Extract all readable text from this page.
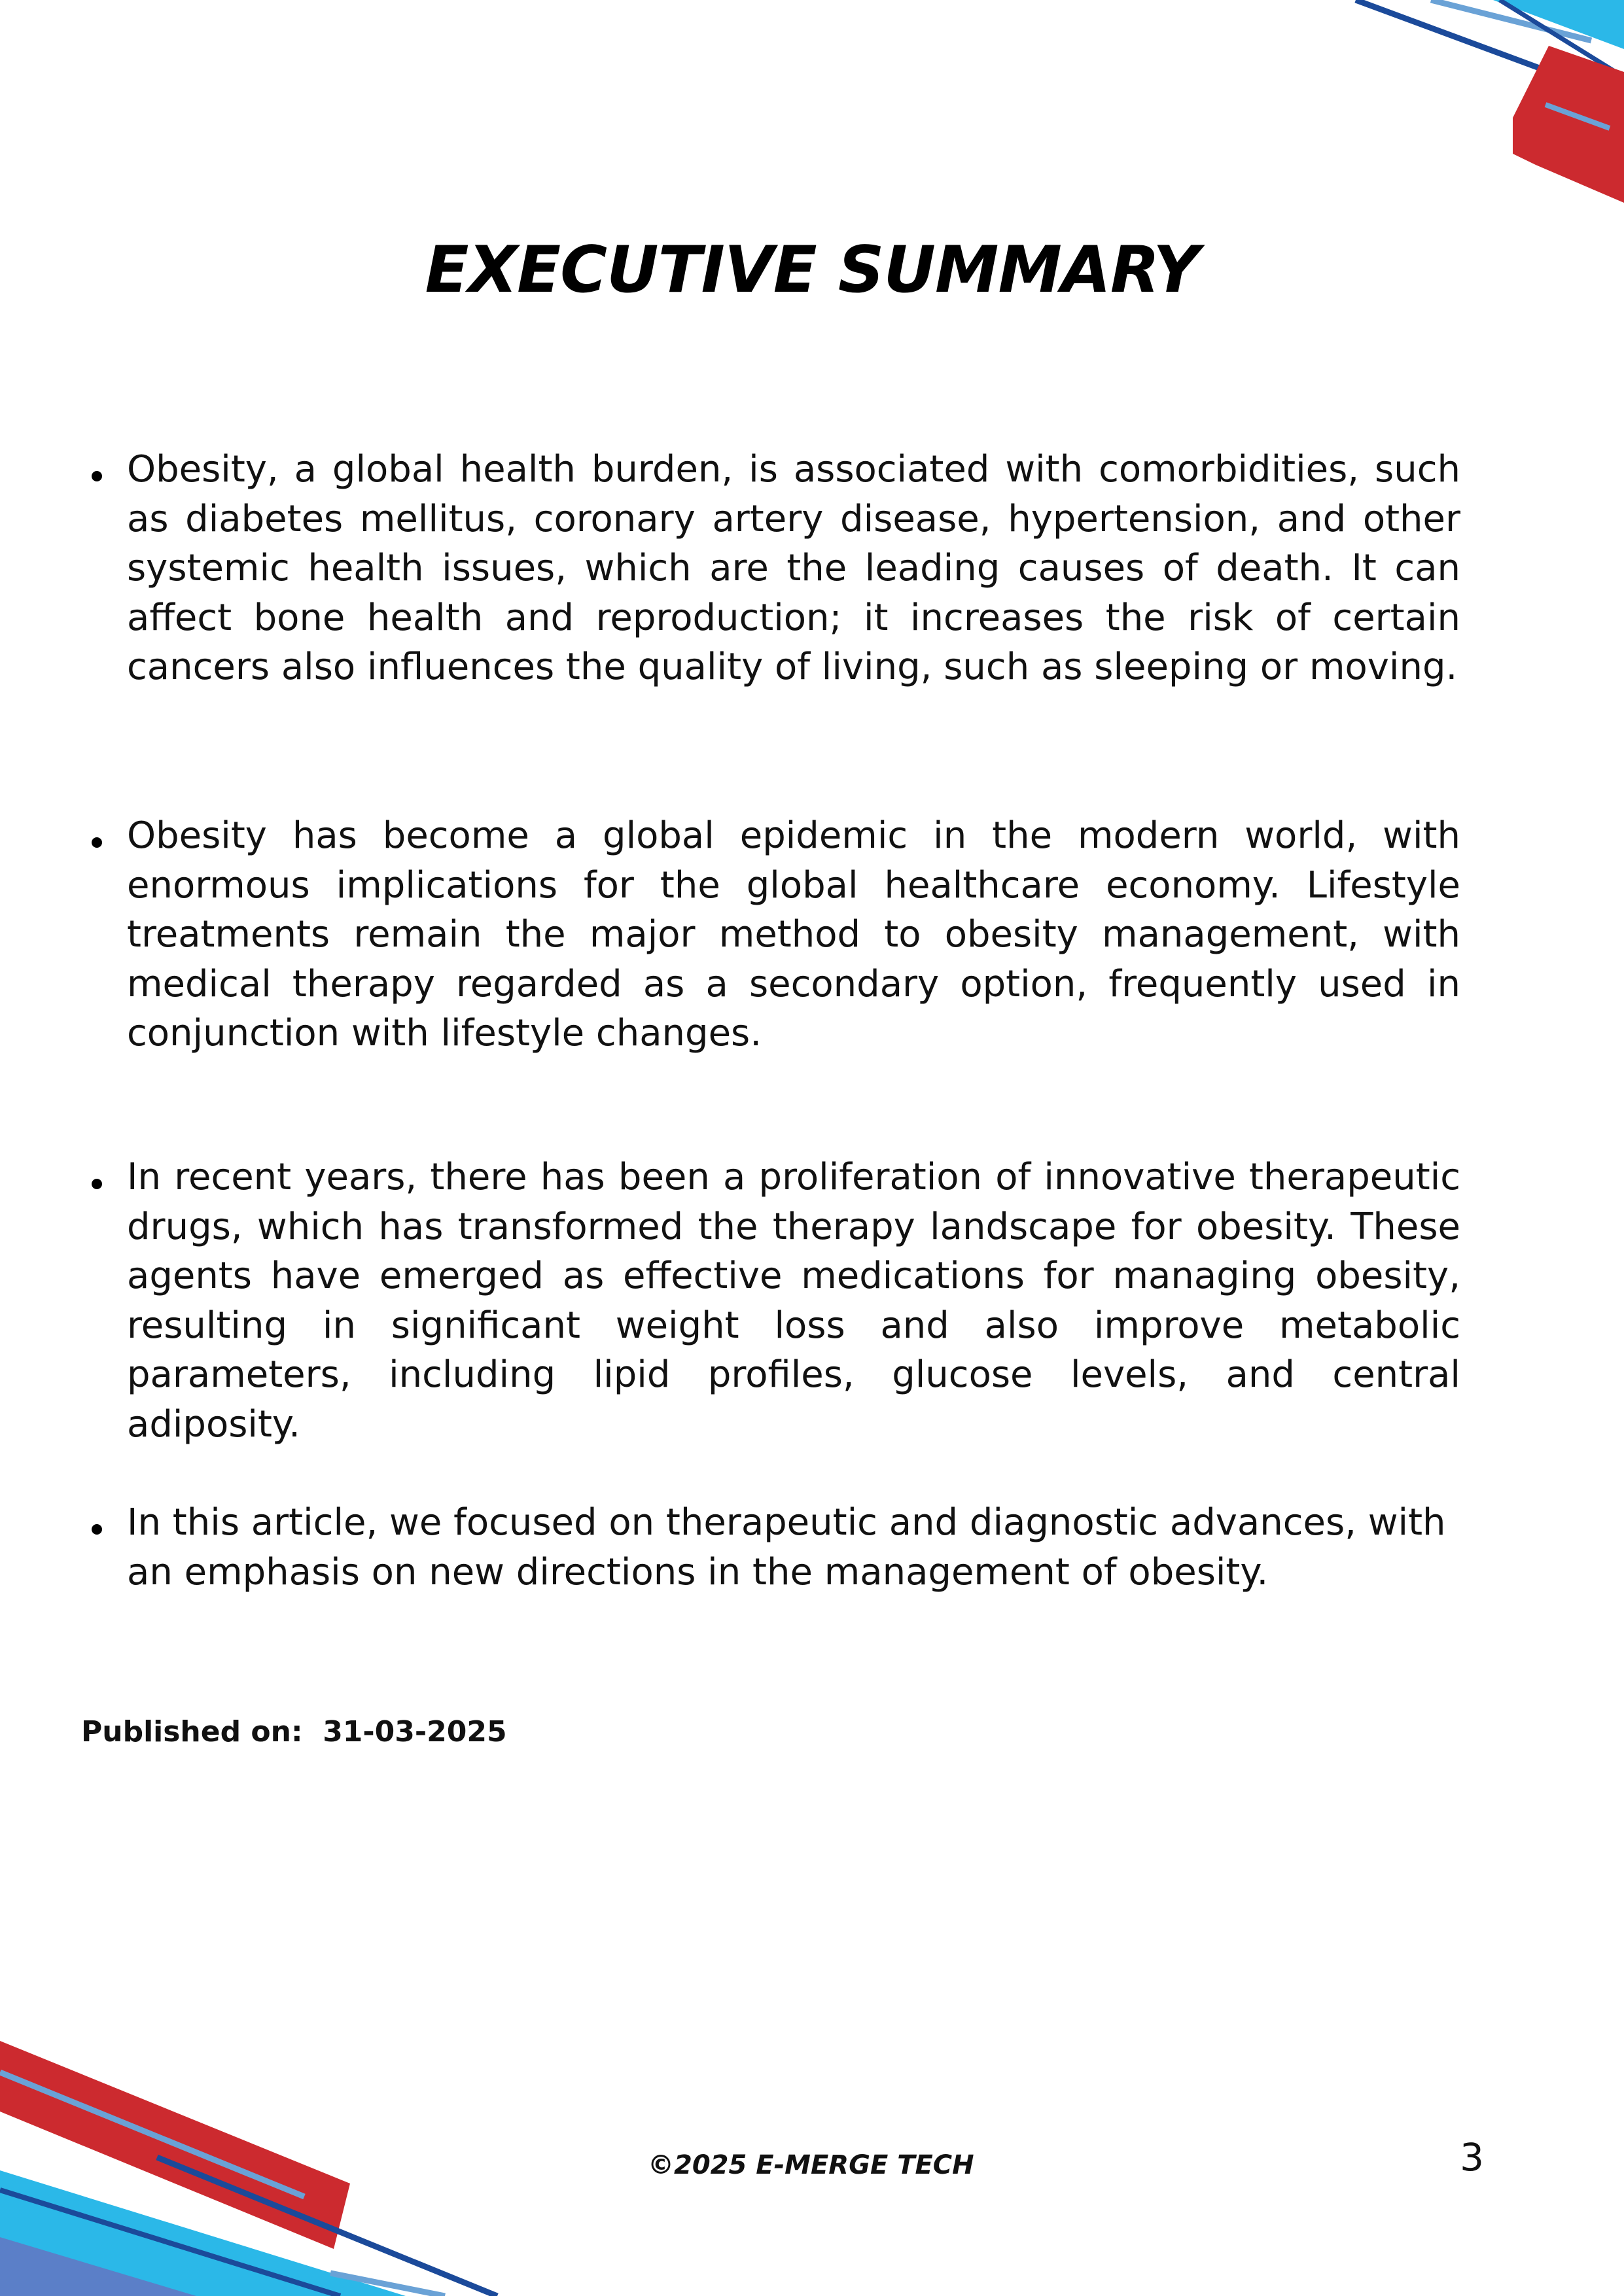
EXECUTIVE SUMMARY

Obesity, a global health burden, is associated with comorbidities, such as diabetes mellitus, coronary artery disease, hypertension, and other systemic health issues, which are the leading causes of death. It can affect bone health and reproduction; it increases the risk of certain cancers also influences the quality of living, such as sleeping or moving.

Obesity has become a global epidemic in the modern world, with enormous implications for the global healthcare economy. Lifestyle treatments remain the major method to obesity management, with medical therapy regarded as a secondary option, frequently used in conjunction with lifestyle changes.

In recent years, there has been a proliferation of innovative therapeutic drugs, which has transformed the therapy landscape for obesity. These agents have emerged as effective medications for managing obesity, resulting in significant weight loss and also improve metabolic parameters, including lipid profiles, glucose levels, and central adiposity.

In this article, we focused on therapeutic and diagnostic advances, with an emphasis on new directions in the management of obesity.

Published on:  31-03-2025
©2025 E-MERGE TECH	3
